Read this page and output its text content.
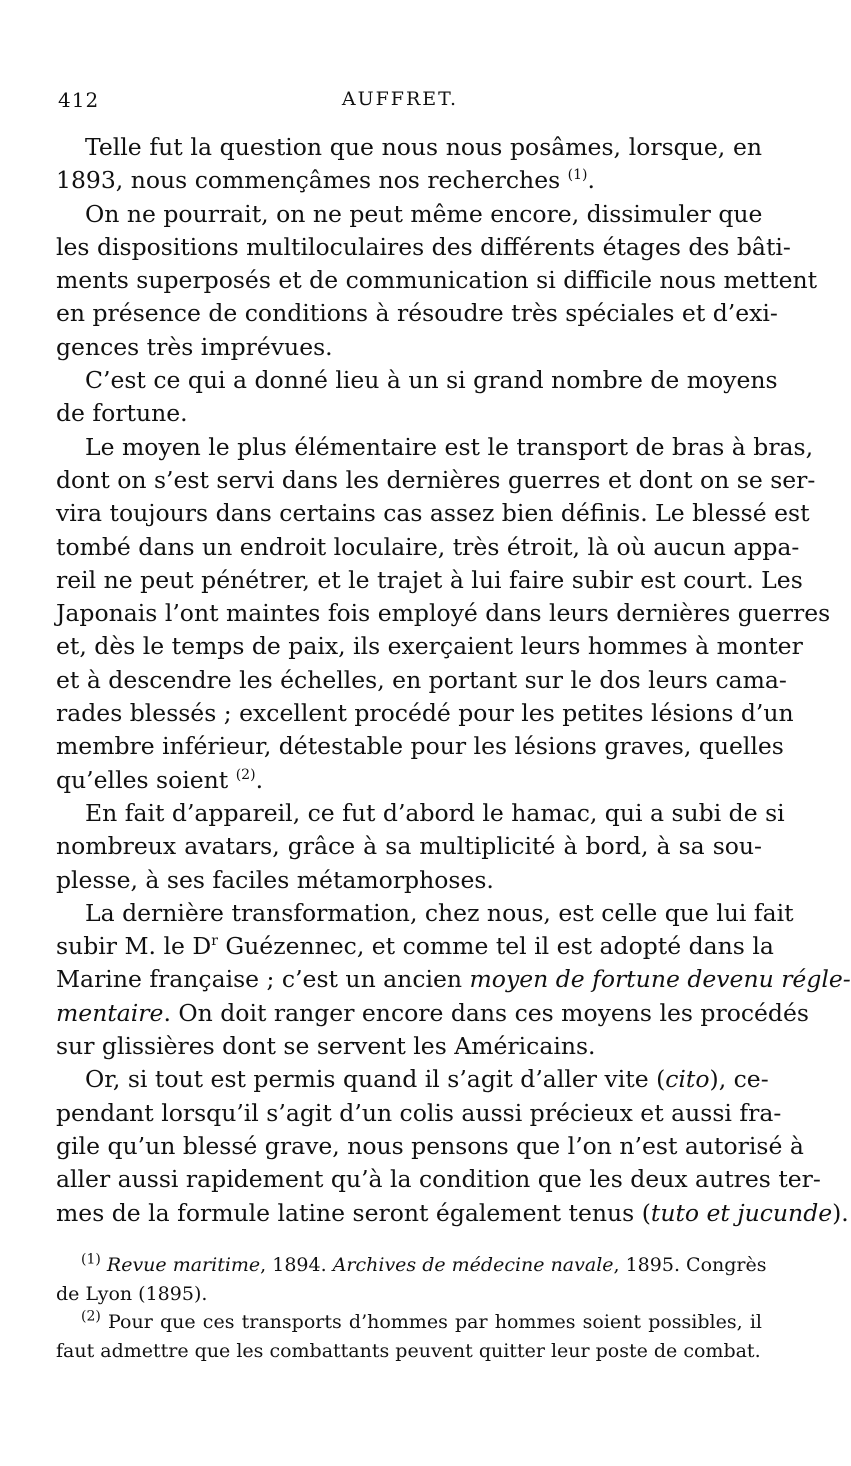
412	AUFFRET.
Telle fut la question que nous nous posâmes, lorsque, en
1893, nous commençâmes nos recherches $^{(1)}$.
On ne pourrait, on ne peut même encore, dissimuler que
les dispositions multiloculaires des différents étages des bâti-
ments superposés et de communication si difficile nous mettent
en présence de conditions à résoudre très spéciales et d’exi-
gences très imprévues.
C’est ce qui a donné lieu à un si grand nombre de moyens
de fortune.
Le moyen le plus élémentaire est le transport de bras à bras,
dont on s’est servi dans les dernières guerres et dont on se ser-
vira toujours dans certains cas assez bien définis. Le blessé est
tombé dans un endroit loculaire, très étroit, là où aucun appa-
reil ne peut pénétrer, et le trajet à lui faire subir est court. Les
Japonais l’ont maintes fois employé dans leurs dernières guerres
et, dès le temps de paix, ils exerçaient leurs hommes à monter
et à descendre les échelles, en portant sur le dos leurs cama-
rades blessés ; excellent procédé pour les petites lésions d’un
membre inférieur, détestable pour les lésions graves, quelles
qu’elles soient $^{(2)}$.
En fait d’appareil, ce fut d’abord le hamac, qui a subi de si
nombreux avatars, grâce à sa multiplicité à bord, à sa sou-
plesse, à ses faciles métamorphoses.
La dernière transformation, chez nous, est celle que lui fait
subir M. le $D^r$ Guézennec, et comme tel il est adopté dans la
Marine française ; c’est un ancien moyen de fortune devenu régle-
mentaire. On doit ranger encore dans ces moyens les procédés
sur glissières dont se servent les Américains.
Or, si tout est permis quand il s’agit d’aller vite (cito), ce-
pendant lorsqu’il s’agit d’un colis aussi précieux et aussi fra-
gile qu’un blessé grave, nous pensons que l’on n’est autorisé à
aller aussi rapidement qu’à la condition que les deux autres ter-
mes de la formule latine seront également tenus (tuto et jucunde).
$^{(1)}$ Revue maritime, 1894. Archives de médecine navale, 1895. Congrès
de Lyon (1895).
$^{(2)}$ Pour que ces transports d’hommes par hommes soient possibles, il
faut admettre que les combattants peuvent quitter leur poste de combat.
